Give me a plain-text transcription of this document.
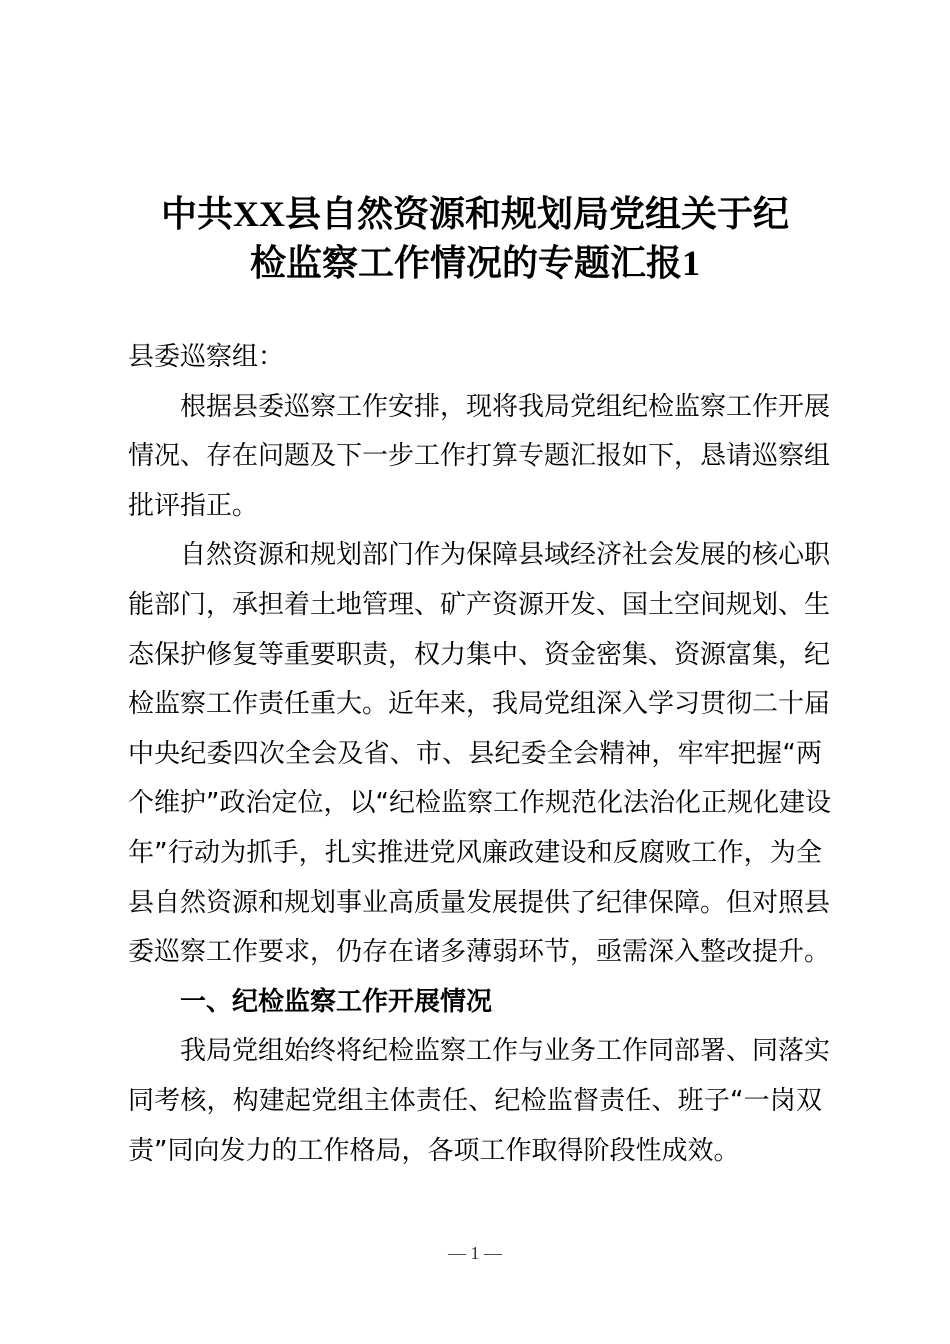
中共XX县自然资源和规划局党组关于纪
检监察工作情况的专题汇报1
县委巡察组：
根据县委巡察工作安排，现将我局党组纪检监察工作开展
情况、存在问题及下一步工作打算专题汇报如下，恳请巡察组
批评指正。
自然资源和规划部门作为保障县域经济社会发展的核心职
能部门，承担着土地管理、矿产资源开发、国土空间规划、生
态保护修复等重要职责，权力集中、资金密集、资源富集，纪
检监察工作责任重大。近年来，我局党组深入学习贯彻二十届
中央纪委四次全会及省、市、县纪委全会精神，牢牢把握“两
个维护”政治定位，以“纪检监察工作规范化法治化正规化建设
年”行动为抓手，扎实推进党风廉政建设和反腐败工作，为全
县自然资源和规划事业高质量发展提供了纪律保障。但对照县
委巡察工作要求，仍存在诸多薄弱环节，亟需深入整改提升。
一、纪检监察工作开展情况
我局党组始终将纪检监察工作与业务工作同部署、同落实
同考核，构建起党组主体责任、纪检监督责任、班子“一岗双
责”同向发力的工作格局，各项工作取得阶段性成效。
— 1 —
